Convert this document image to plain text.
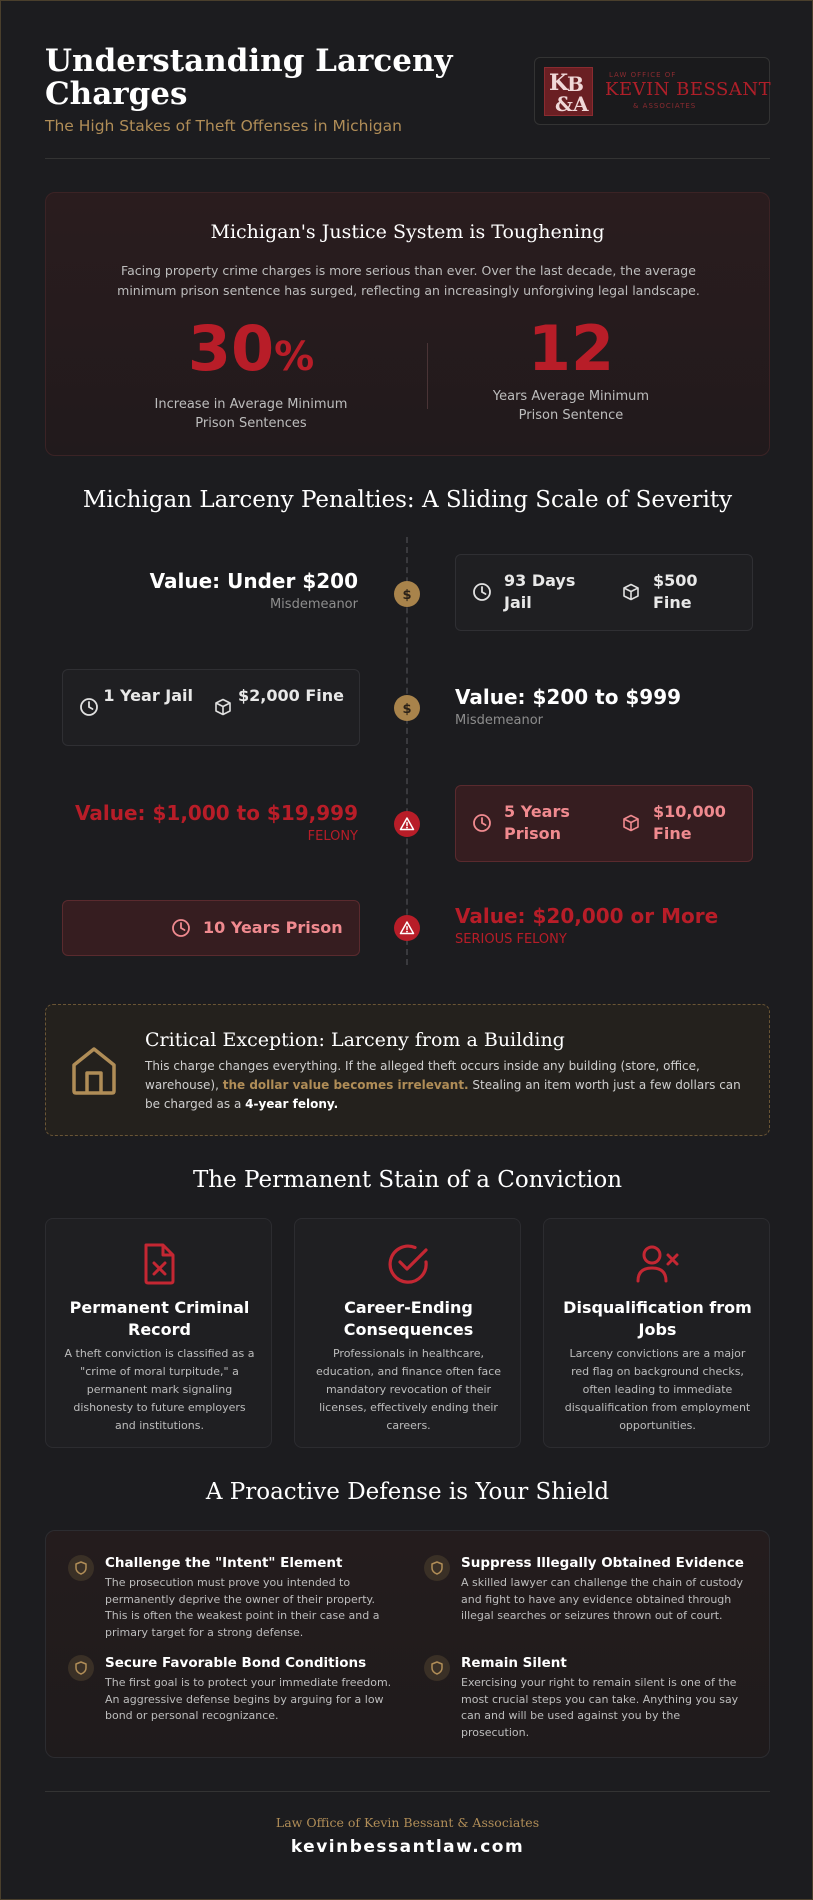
Understanding Larceny Charges
The High Stakes of Theft Offenses in Michigan
K
B
&A
LAW OFFICE OF
KEVIN BESSANT
& ASSOCIATES
Michigan's Justice System is Toughening
Facing property crime charges is more serious than ever. Over the last decade, the average minimum prison sentence has surged, reflecting an increasingly unforgiving legal landscape.
30%
Increase in Average Minimum Prison Sentences
12
Years Average Minimum Prison Sentence
Michigan Larceny Penalties: A Sliding Scale of Severity
Value: Under $200
Misdemeanor
$
93 Days Jail
$500 Fine
1 Year Jail	$2,000 Fine
$
Value: $200 to $999
Misdemeanor
Value: $1,000 to $19,999
FELONY
5 Years Prison
$10,000 Fine
10 Years Prison	Value: $20,000 or More
SERIOUS FELONY
Critical Exception: Larceny from a Building
This charge changes everything. If the alleged theft occurs inside any building (store, office, warehouse), the dollar value becomes irrelevant. Stealing an item worth just a few dollars can be charged as a 4-year felony.
The Permanent Stain of a Conviction
Permanent Criminal Record
A theft conviction is classified as a "crime of moral turpitude," a permanent mark signaling dishonesty to future employers and institutions.
Career-Ending Consequences
Professionals in healthcare, education, and finance often face mandatory revocation of their licenses, effectively ending their careers.
Disqualification from Jobs
Larceny convictions are a major red flag on background checks, often leading to immediate disqualification from employment opportunities.
A Proactive Defense is Your Shield
Challenge the "Intent" Element
The prosecution must prove you intended to permanently deprive the owner of their property. This is often the weakest point in their case and a primary target for a strong defense.
Suppress Illegally Obtained Evidence
A skilled lawyer can challenge the chain of custody and fight to have any evidence obtained through illegal searches or seizures thrown out of court.
Secure Favorable Bond Conditions
The first goal is to protect your immediate freedom. An aggressive defense begins by arguing for a low bond or personal recognizance.
Remain Silent
Exercising your right to remain silent is one of the most crucial steps you can take. Anything you say can and will be used against you by the prosecution.
Law Office of Kevin Bessant & Associates
kevinbessantlaw.com
